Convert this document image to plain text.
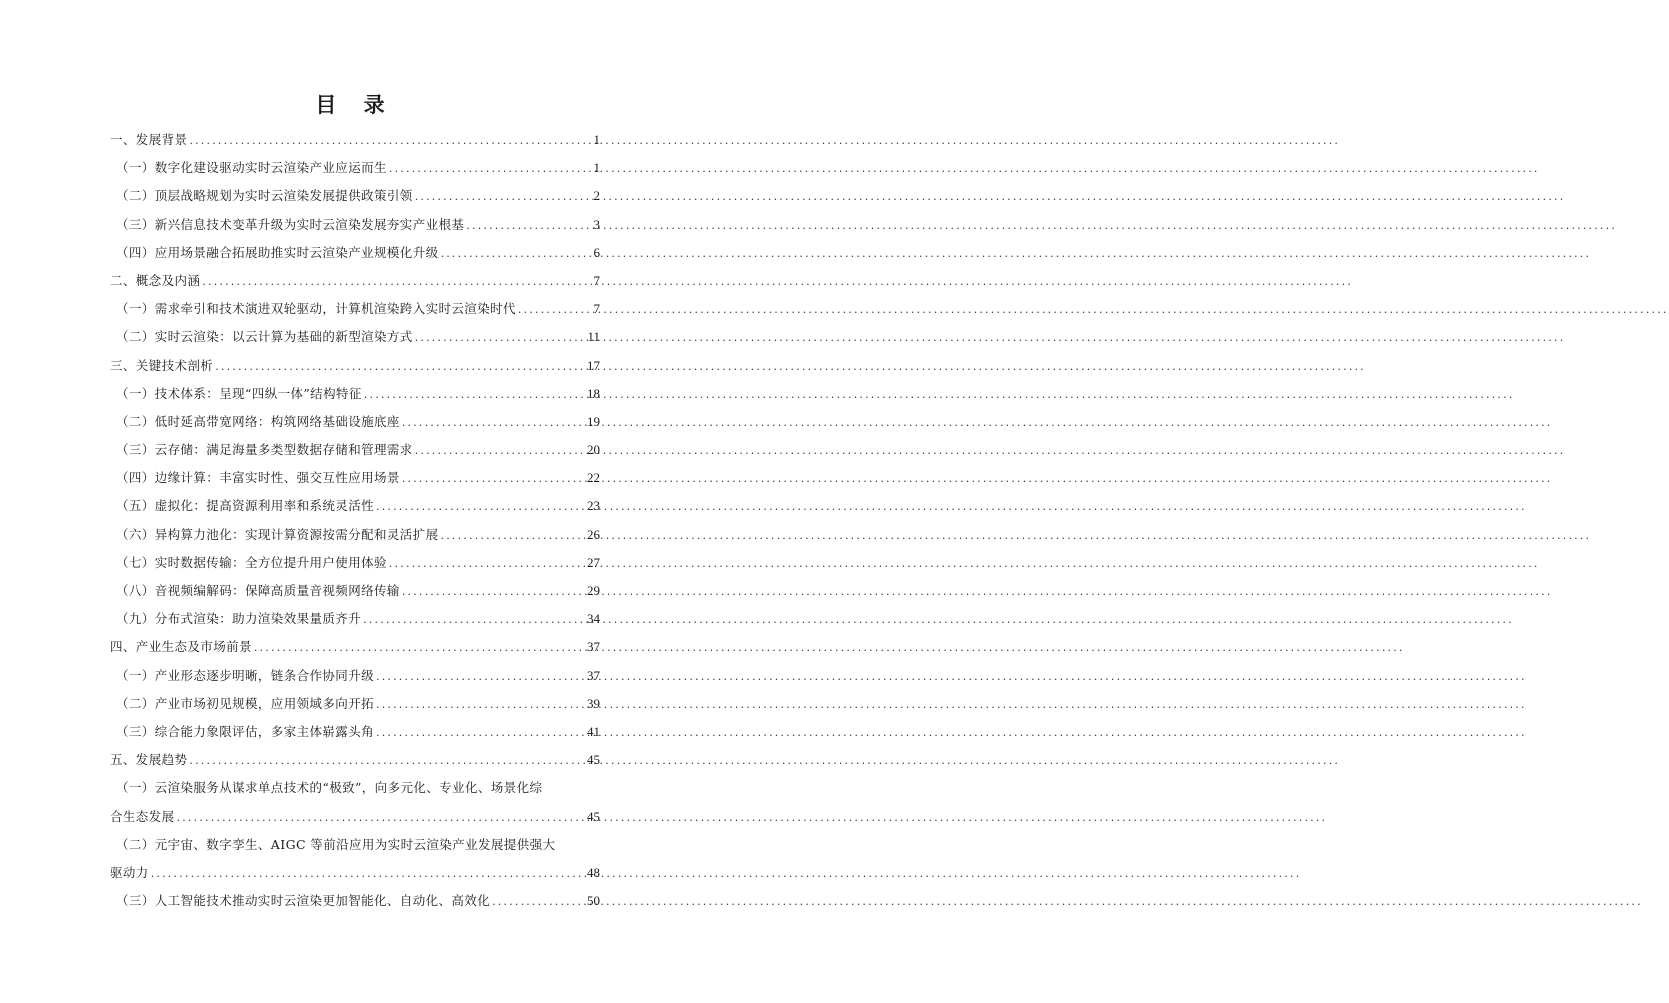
目 录
一、发展背景 .....	1
（一）数字化建设驱动实时云渲染产业应运而生 .....	1
（二）顶层战略规划为实时云渲染发展提供政策引领 .....	2
（三）新兴信息技术变革升级为实时云渲染发展夯实产业根基 .....	3
（四）应用场景融合拓展助推实时云渲染产业规模化升级 .....	6
二、概念及内涵 .....	7
（一）需求牵引和技术演进双轮驱动，计算机渲染跨入实时云渲染时代 .....	7
（二）实时云渲染：以云计算为基础的新型渲染方式 .....	11
三、关键技术剖析 .....	17
（一）技术体系：呈现“四纵一体”结构特征 .....	18
（二）低时延高带宽网络：构筑网络基础设施底座 .....	19
（三）云存储：满足海量多类型数据存储和管理需求 .....	20
（四）边缘计算：丰富实时性、强交互性应用场景 .....	22
（五）虚拟化：提高资源利用率和系统灵活性 .....	23
（六）异构算力池化：实现计算资源按需分配和灵活扩展 .....	26
（七）实时数据传输：全方位提升用户使用体验 .....	27
（八）音视频编解码：保障高质量音视频网络传输 .....	29
（九）分布式渲染：助力渲染效果量质齐升 .....	34
四、产业生态及市场前景 .....	37
（一）产业形态逐步明晰，链条合作协同升级 .....	37
（二）产业市场初见规模，应用领域多向开拓 .....	39
（三）综合能力象限评估，多家主体崭露头角 .....	41
五、发展趋势 .....	45
（一）云渲染服务从谋求单点技术的“极致”，向多元化、专业化、场景化综
合生态发展 .....	45
（二）元宇宙、数字孪生、AIGC 等前沿应用为实时云渲染产业发展提供强大
驱动力 .....	48
（三）人工智能技术推动实时云渲染更加智能化、自动化、高效化 .....	50
